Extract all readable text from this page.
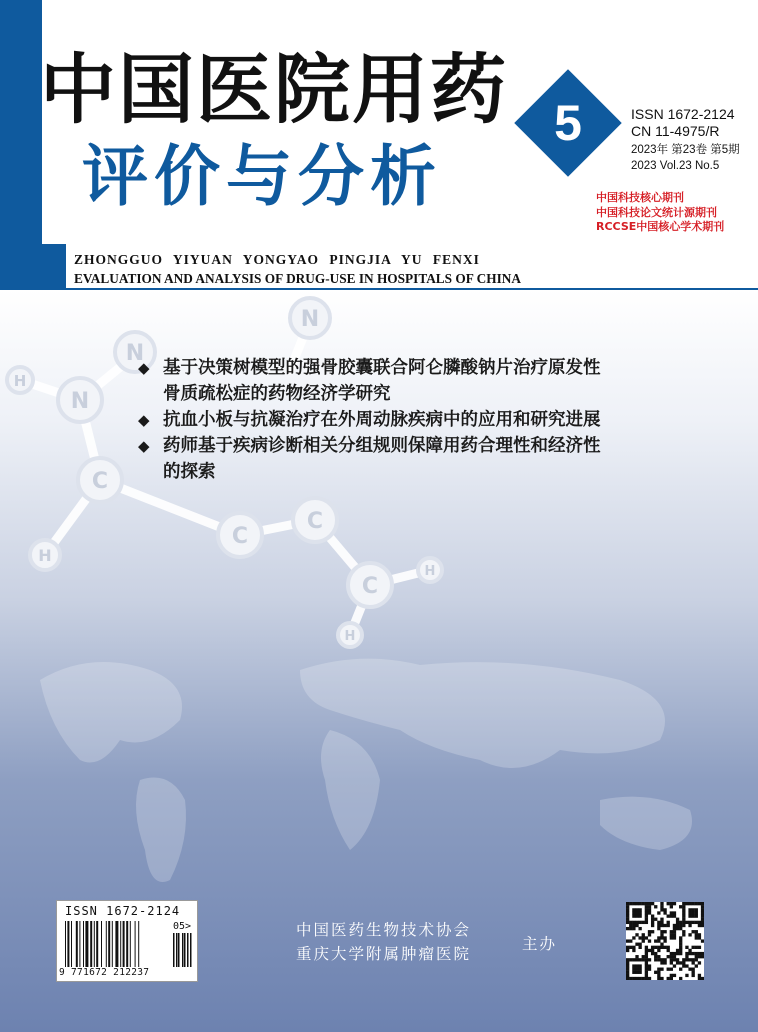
中国医院用药
评价与分析
5	ISSN 1672-2124
CN 11-4975/R
2023年 第23卷 第5期
2023 Vol.23 No.5
中国科技核心期刊
中国科技论文统计源期刊
RCCSE中国核心学术期刊
ZHONGGUO YIYUAN YONGYAO PINGJIA YU FENXI
EVALUATION AND ANALYSIS OF DRUG-USE IN HOSPITALS OF CHINA
N
N
N
H
C
C
C
C
H
H
H
◆ 基于决策树模型的强骨胶囊联合阿仑膦酸钠片治疗原发性
骨质疏松症的药物经济学研究
◆ 抗血小板与抗凝治疗在外周动脉疾病中的应用和研究进展
◆ 药师基于疾病诊断相关分组规则保障用药合理性和经济性
的探索
ISSN 1672-2124
05>
9 771672 212237
中国医药生物技术协会
重庆大学附属肿瘤医院
主办
